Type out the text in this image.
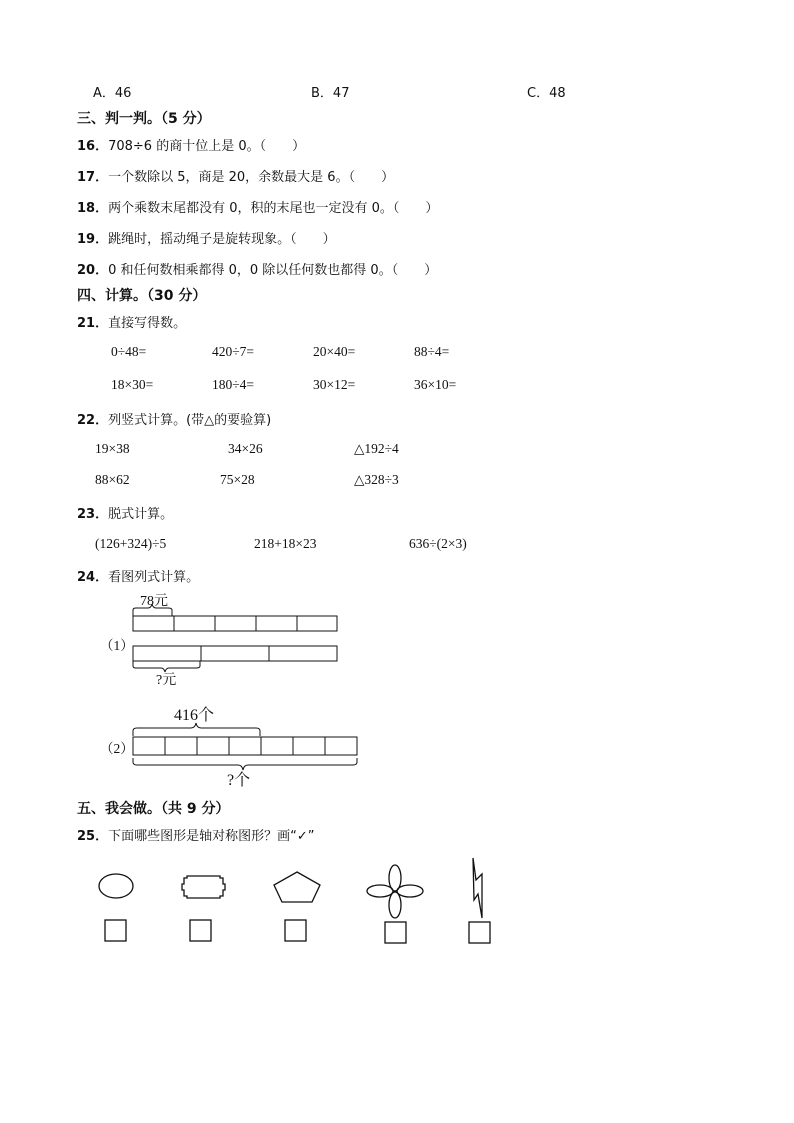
A．46	B．47	C．48
三、判一判。（5 分）
16．708÷6 的商十位上是 0。（　　）
17．一个数除以 5，商是 20，余数最大是 6。（　　）
18．两个乘数末尾都没有 0，积的末尾也一定没有 0。（　　）
19．跳绳时，摇动绳子是旋转现象。（　　）
20．0 和任何数相乘都得 0，0 除以任何数也都得 0。（　　）
四、计算。（30 分）
21．直接写得数。
0÷48=	420÷7=	20×40=	88÷4=
18×30=	180÷4=	30×12=	36×10=
22．列竖式计算。(带△的要验算)
19×38	34×26	△192÷4
88×62	75×28	△328÷3
23．脱式计算。
(126+324)÷5	218+18×23	636÷(2×3)
24．看图列式计算。
（1）
78元
?元
（2）
416个
?个
五、我会做。（共 9 分）
25．下面哪些图形是轴对称图形？画“✓”
